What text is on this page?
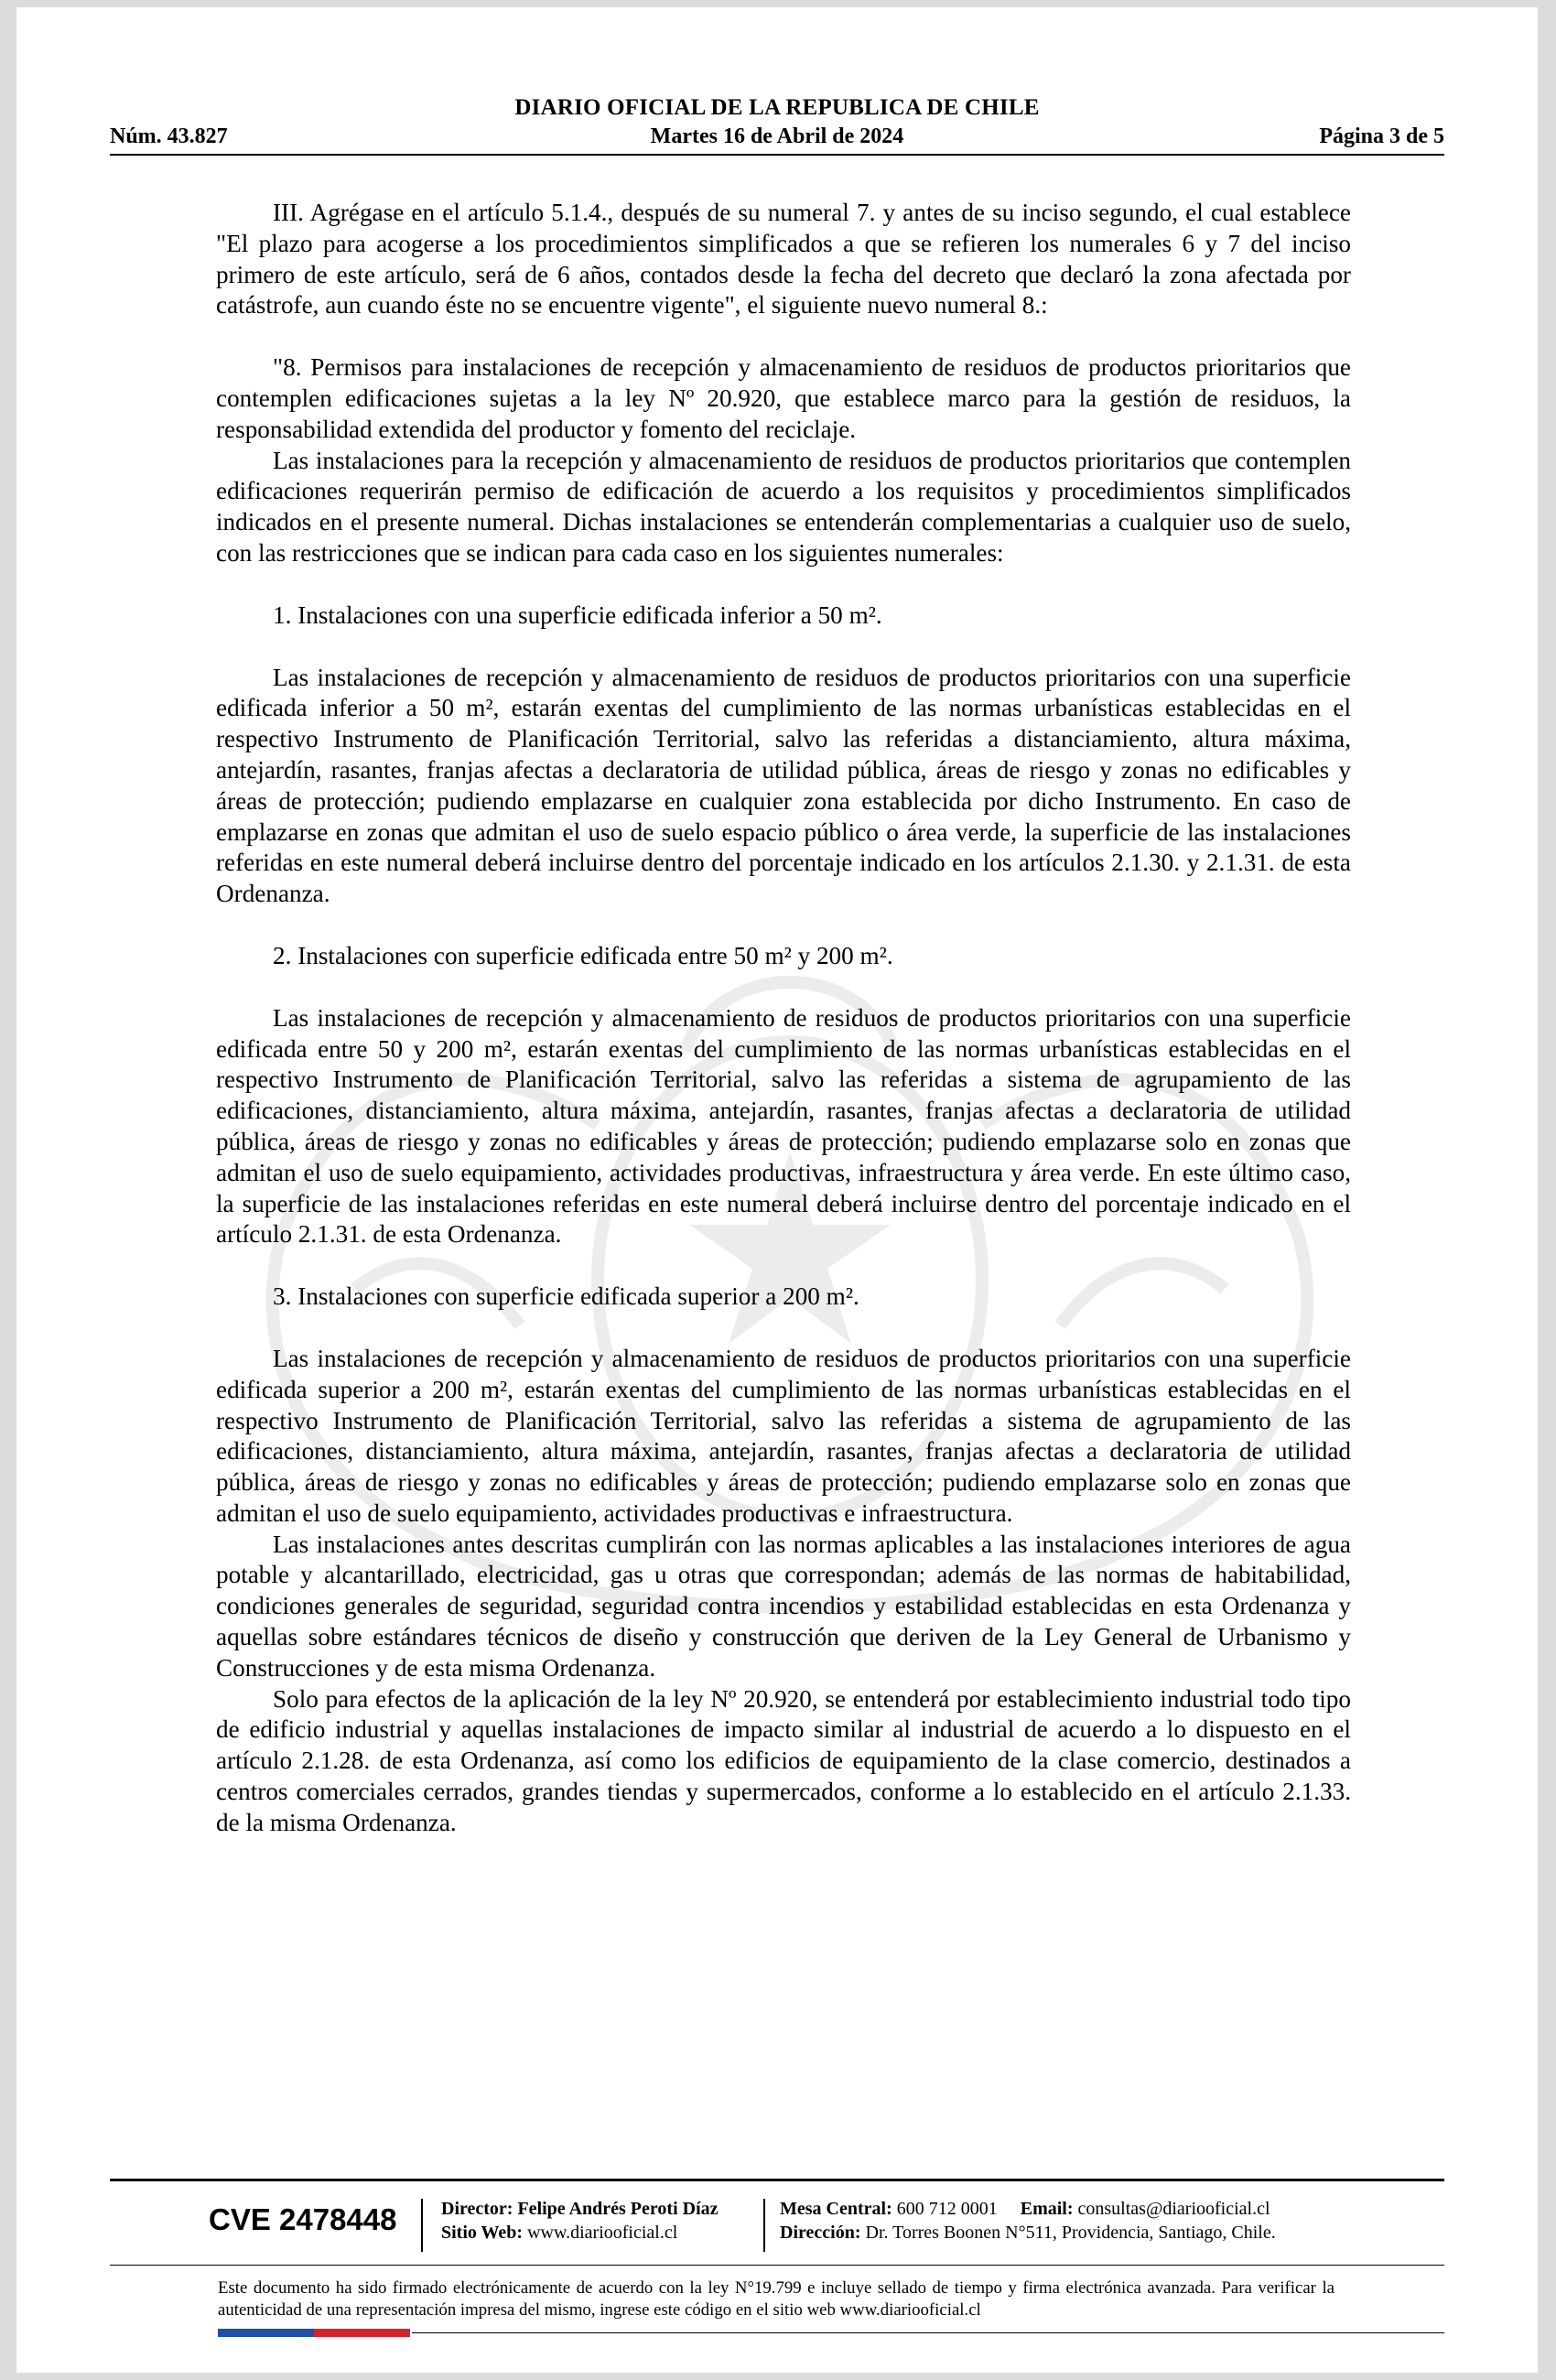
DIARIO OFICIAL DE LA REPUBLICA DE CHILE
Núm. 43.827	Martes 16 de Abril de 2024	Página 3 de 5

III. Agrégase en el artículo 5.1.4., después de su numeral 7. y antes de su inciso segundo, el cual establece "El plazo para acogerse a los procedimientos simplificados a que se refieren los numerales 6 y 7 del inciso primero de este artículo, será de 6 años, contados desde la fecha del decreto que declaró la zona afectada por catástrofe, aun cuando éste no se encuentre vigente", el siguiente nuevo numeral 8.:

"8. Permisos para instalaciones de recepción y almacenamiento de residuos de productos prioritarios que contemplen edificaciones sujetas a la ley Nº 20.920, que establece marco para la gestión de residuos, la responsabilidad extendida del productor y fomento del reciclaje.

Las instalaciones para la recepción y almacenamiento de residuos de productos prioritarios que contemplen edificaciones requerirán permiso de edificación de acuerdo a los requisitos y procedimientos simplificados indicados en el presente numeral. Dichas instalaciones se entenderán complementarias a cualquier uso de suelo, con las restricciones que se indican para cada caso en los siguientes numerales:

1. Instalaciones con una superficie edificada inferior a 50 m².

Las instalaciones de recepción y almacenamiento de residuos de productos prioritarios con una superficie edificada inferior a 50 m², estarán exentas del cumplimiento de las normas urbanísticas establecidas en el respectivo Instrumento de Planificación Territorial, salvo las referidas a distanciamiento, altura máxima, antejardín, rasantes, franjas afectas a declaratoria de utilidad pública, áreas de riesgo y zonas no edificables y áreas de protección; pudiendo emplazarse en cualquier zona establecida por dicho Instrumento. En caso de emplazarse en zonas que admitan el uso de suelo espacio público o área verde, la superficie de las instalaciones referidas en este numeral deberá incluirse dentro del porcentaje indicado en los artículos 2.1.30. y 2.1.31. de esta Ordenanza.

2. Instalaciones con superficie edificada entre 50 m² y 200 m².

Las instalaciones de recepción y almacenamiento de residuos de productos prioritarios con una superficie edificada entre 50 y 200 m², estarán exentas del cumplimiento de las normas urbanísticas establecidas en el respectivo Instrumento de Planificación Territorial, salvo las referidas a sistema de agrupamiento de las edificaciones, distanciamiento, altura máxima, antejardín, rasantes, franjas afectas a declaratoria de utilidad pública, áreas de riesgo y zonas no edificables y áreas de protección; pudiendo emplazarse solo en zonas que admitan el uso de suelo equipamiento, actividades productivas, infraestructura y área verde. En este último caso, la superficie de las instalaciones referidas en este numeral deberá incluirse dentro del porcentaje indicado en el artículo 2.1.31. de esta Ordenanza.

3. Instalaciones con superficie edificada superior a 200 m².

Las instalaciones de recepción y almacenamiento de residuos de productos prioritarios con una superficie edificada superior a 200 m², estarán exentas del cumplimiento de las normas urbanísticas establecidas en el respectivo Instrumento de Planificación Territorial, salvo las referidas a sistema de agrupamiento de las edificaciones, distanciamiento, altura máxima, antejardín, rasantes, franjas afectas a declaratoria de utilidad pública, áreas de riesgo y zonas no edificables y áreas de protección; pudiendo emplazarse solo en zonas que admitan el uso de suelo equipamiento, actividades productivas e infraestructura.

Las instalaciones antes descritas cumplirán con las normas aplicables a las instalaciones interiores de agua potable y alcantarillado, electricidad, gas u otras que correspondan; además de las normas de habitabilidad, condiciones generales de seguridad, seguridad contra incendios y estabilidad establecidas en esta Ordenanza y aquellas sobre estándares técnicos de diseño y construcción que deriven de la Ley General de Urbanismo y Construcciones y de esta misma Ordenanza.

Solo para efectos de la aplicación de la ley Nº 20.920, se entenderá por establecimiento industrial todo tipo de edificio industrial y aquellas instalaciones de impacto similar al industrial de acuerdo a lo dispuesto en el artículo 2.1.28. de esta Ordenanza, así como los edificios de equipamiento de la clase comercio, destinados a centros comerciales cerrados, grandes tiendas y supermercados, conforme a lo establecido en el artículo 2.1.33. de la misma Ordenanza.

CVE 2478448 Director: Felipe Andrés Peroti Díaz
Sitio Web: www.diariooficial.cl
Mesa Central: 600 712 0001 Email: consultas@diariooficial.cl
Dirección: Dr. Torres Boonen N°511, Providencia, Santiago, Chile.
Este documento ha sido firmado electrónicamente de acuerdo con la ley N°19.799 e incluye sellado de tiempo y firma electrónica avanzada. Para verificar la autenticidad de una representación impresa del mismo, ingrese este código en el sitio web www.diariooficial.cl
